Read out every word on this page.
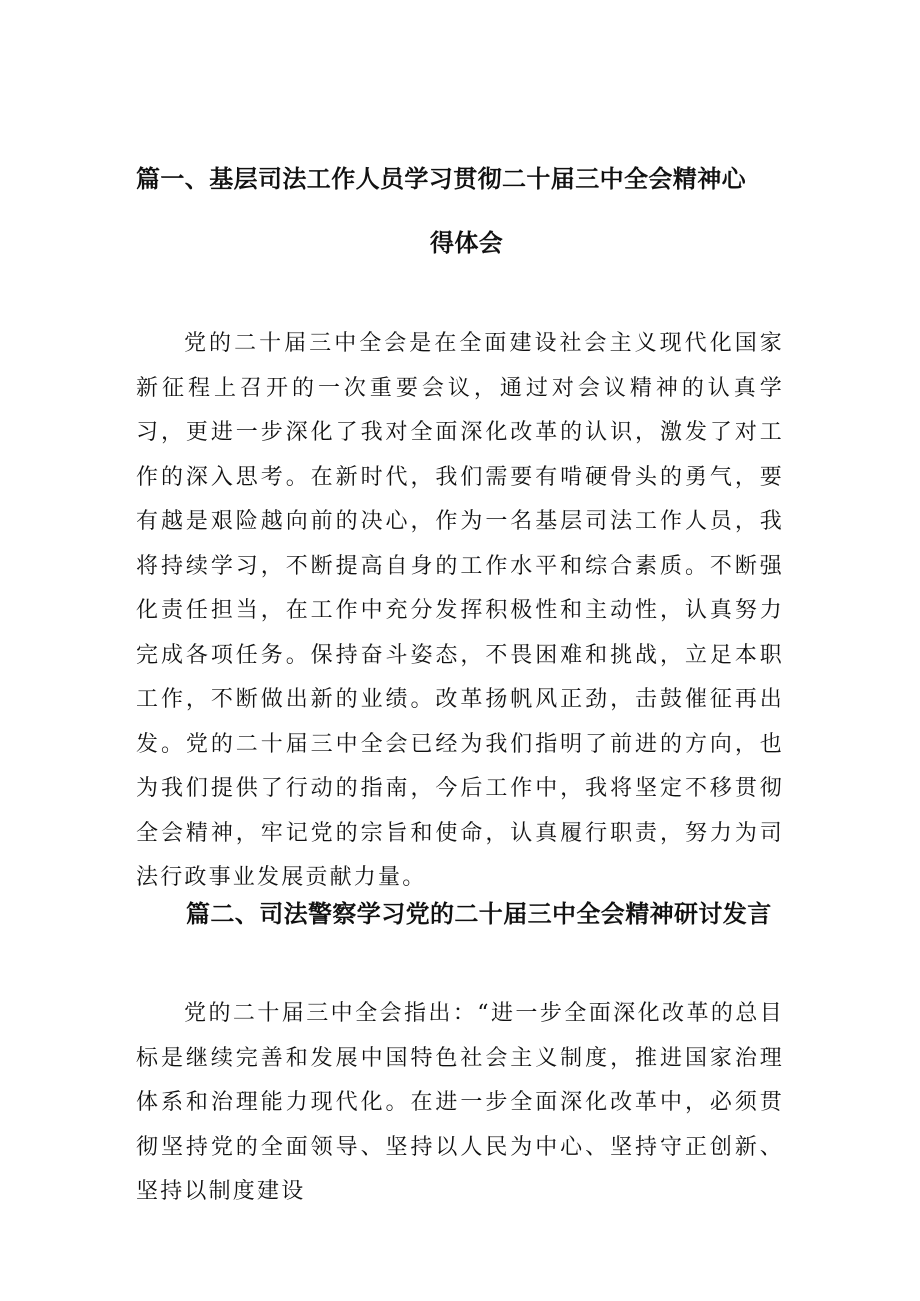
篇一、基层司法工作人员学习贯彻二十届三中全会精神心
得体会

党的二十届三中全会是在全面建设社会主义现代化国家新征程上召开的一次重要会议，通过对会议精神的认真学习，更进一步深化了我对全面深化改革的认识，激发了对工作的深入思考。在新时代，我们需要有啃硬骨头的勇气，要有越是艰险越向前的决心，作为一名基层司法工作人员，我将持续学习，不断提高自身的工作水平和综合素质。不断强化责任担当，在工作中充分发挥积极性和主动性，认真努力完成各项任务。保持奋斗姿态，不畏困难和挑战，立足本职工作，不断做出新的业绩。改革扬帆风正劲，击鼓催征再出发。党的二十届三中全会已经为我们指明了前进的方向，也为我们提供了行动的指南，今后工作中，我将坚定不移贯彻全会精神，牢记党的宗旨和使命，认真履行职责，努力为司法行政事业发展贡献力量。

篇二、司法警察学习党的二十届三中全会精神研讨发言

党的二十届三中全会指出：“进一步全面深化改革的总目标是继续完善和发展中国特色社会主义制度，推进国家治理体系和治理能力现代化。在进一步全面深化改革中，必须贯彻坚持党的全面领导、坚持以人民为中心、坚持守正创新、坚持以制度建设
